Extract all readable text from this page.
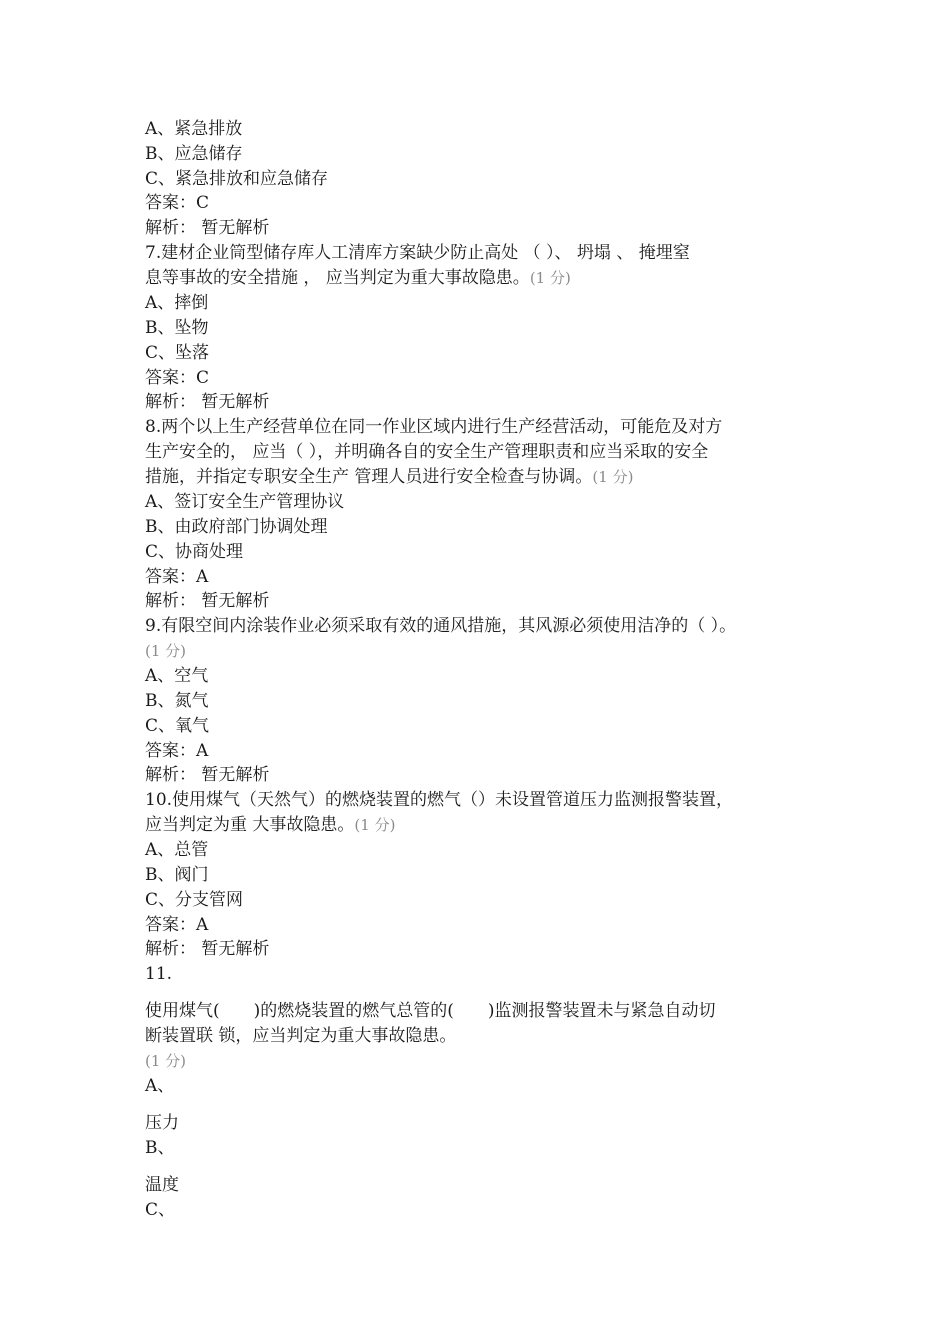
A、紧急排放
B、应急储存
C、紧急排放和应急储存
答案：C
解析： 暂无解析
7.建材企业筒型储存库人工清库方案缺少防止高处 （ ）、 坍塌 、 掩埋窒
息等事故的安全措施 ， 应当判定为重大事故隐患。(1 分)
A、摔倒
B、坠物
C、坠落
答案：C
解析： 暂无解析
8.两个以上生产经营单位在同一作业区域内进行生产经营活动，可能危及对方
生产安全的， 应当（ ），并明确各自的安全生产管理职责和应当采取的安全
措施，并指定专职安全生产 管理人员进行安全检查与协调。(1 分)
A、签订安全生产管理协议
B、由政府部门协调处理
C、协商处理
答案：A
解析： 暂无解析
9.有限空间内涂装作业必须采取有效的通风措施，其风源必须使用洁净的（ ）。
(1 分)
A、空气
B、氮气
C、氧气
答案：A
解析： 暂无解析
10.使用煤气（天然气）的燃烧装置的燃气（）未设置管道压力监测报警装置，
应当判定为重 大事故隐患。(1 分)
A、总管
B、阀门
C、分支管网
答案：A
解析： 暂无解析
11.
使用煤气(　　)的燃烧装置的燃气总管的(　　)监测报警装置未与紧急自动切
断装置联 锁，应当判定为重大事故隐患。
(1 分)
A、
压力
B、
温度
C、
